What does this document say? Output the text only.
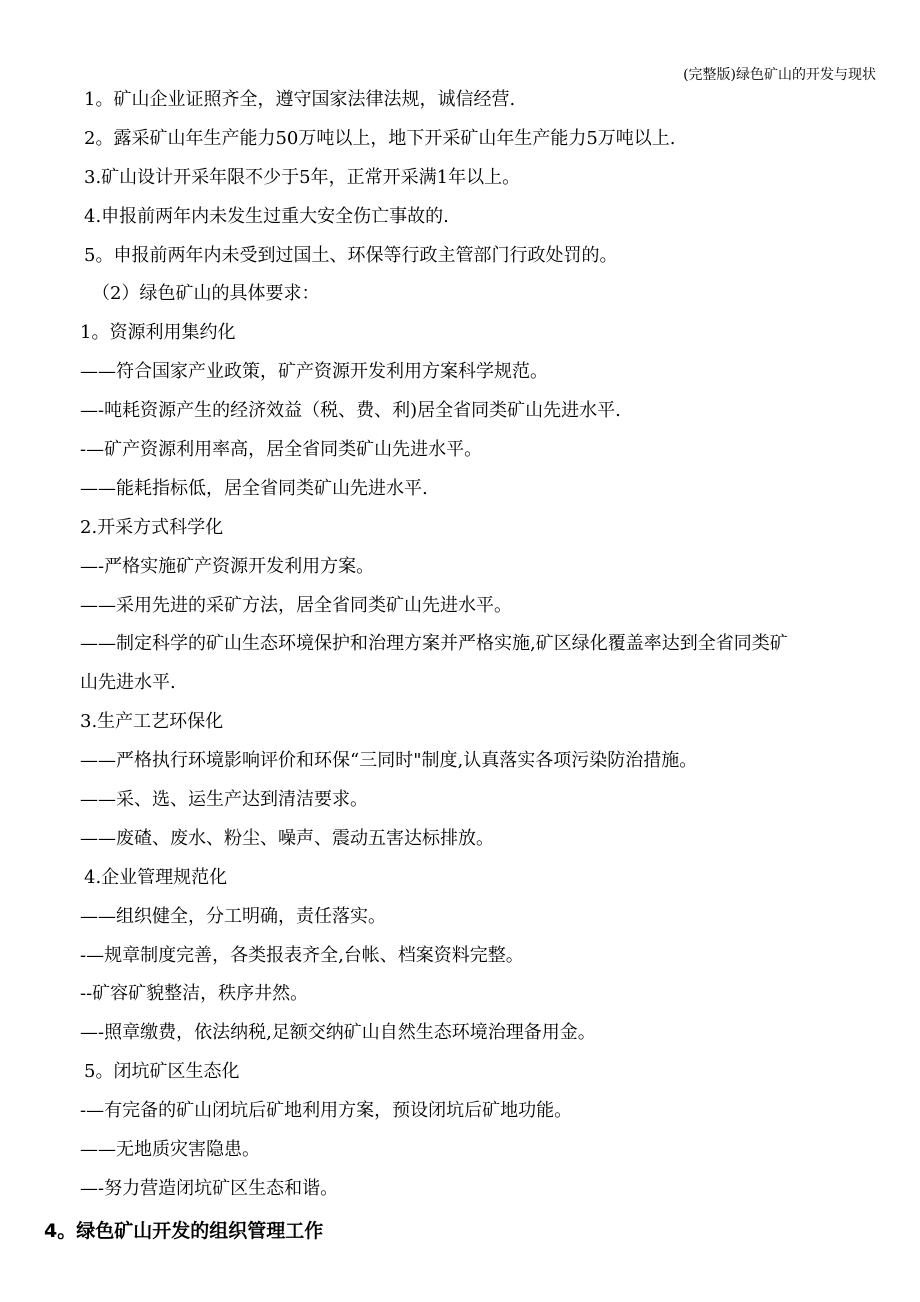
(完整版)绿色矿山的开发与现状
1。矿山企业证照齐全，遵守国家法律法规，诚信经营.
2。露采矿山年生产能力50万吨以上，地下开采矿山年生产能力5万吨以上.
3.矿山设计开采年限不少于5年，正常开采满1年以上。
4.申报前两年内未发生过重大安全伤亡事故的.
5。申报前两年内未受到过国土、环保等行政主管部门行政处罚的。
（2）绿色矿山的具体要求：
1。资源利用集约化
——符合国家产业政策，矿产资源开发利用方案科学规范。
—-吨耗资源产生的经济效益（税、费、利)居全省同类矿山先进水平.
-—矿产资源利用率高，居全省同类矿山先进水平。
——能耗指标低，居全省同类矿山先进水平.
2.开采方式科学化
—-严格实施矿产资源开发利用方案。
——采用先进的采矿方法，居全省同类矿山先进水平。
——制定科学的矿山生态环境保护和治理方案并严格实施,矿区绿化覆盖率达到全省同类矿
山先进水平.
3.生产工艺环保化
——严格执行环境影响评价和环保“三同时"制度,认真落实各项污染防治措施。
——采、选、运生产达到清洁要求。
——废碴、废水、粉尘、噪声、震动五害达标排放。
4.企业管理规范化
——组织健全，分工明确，责任落实。
-—规章制度完善，各类报表齐全,台帐、档案资料完整。
--矿容矿貌整洁，秩序井然。
—-照章缴费，依法纳税,足额交纳矿山自然生态环境治理备用金。
5。闭坑矿区生态化
-—有完备的矿山闭坑后矿地利用方案，预设闭坑后矿地功能。
——无地质灾害隐患。
—-努力营造闭坑矿区生态和谐。
4。绿色矿山开发的组织管理工作
